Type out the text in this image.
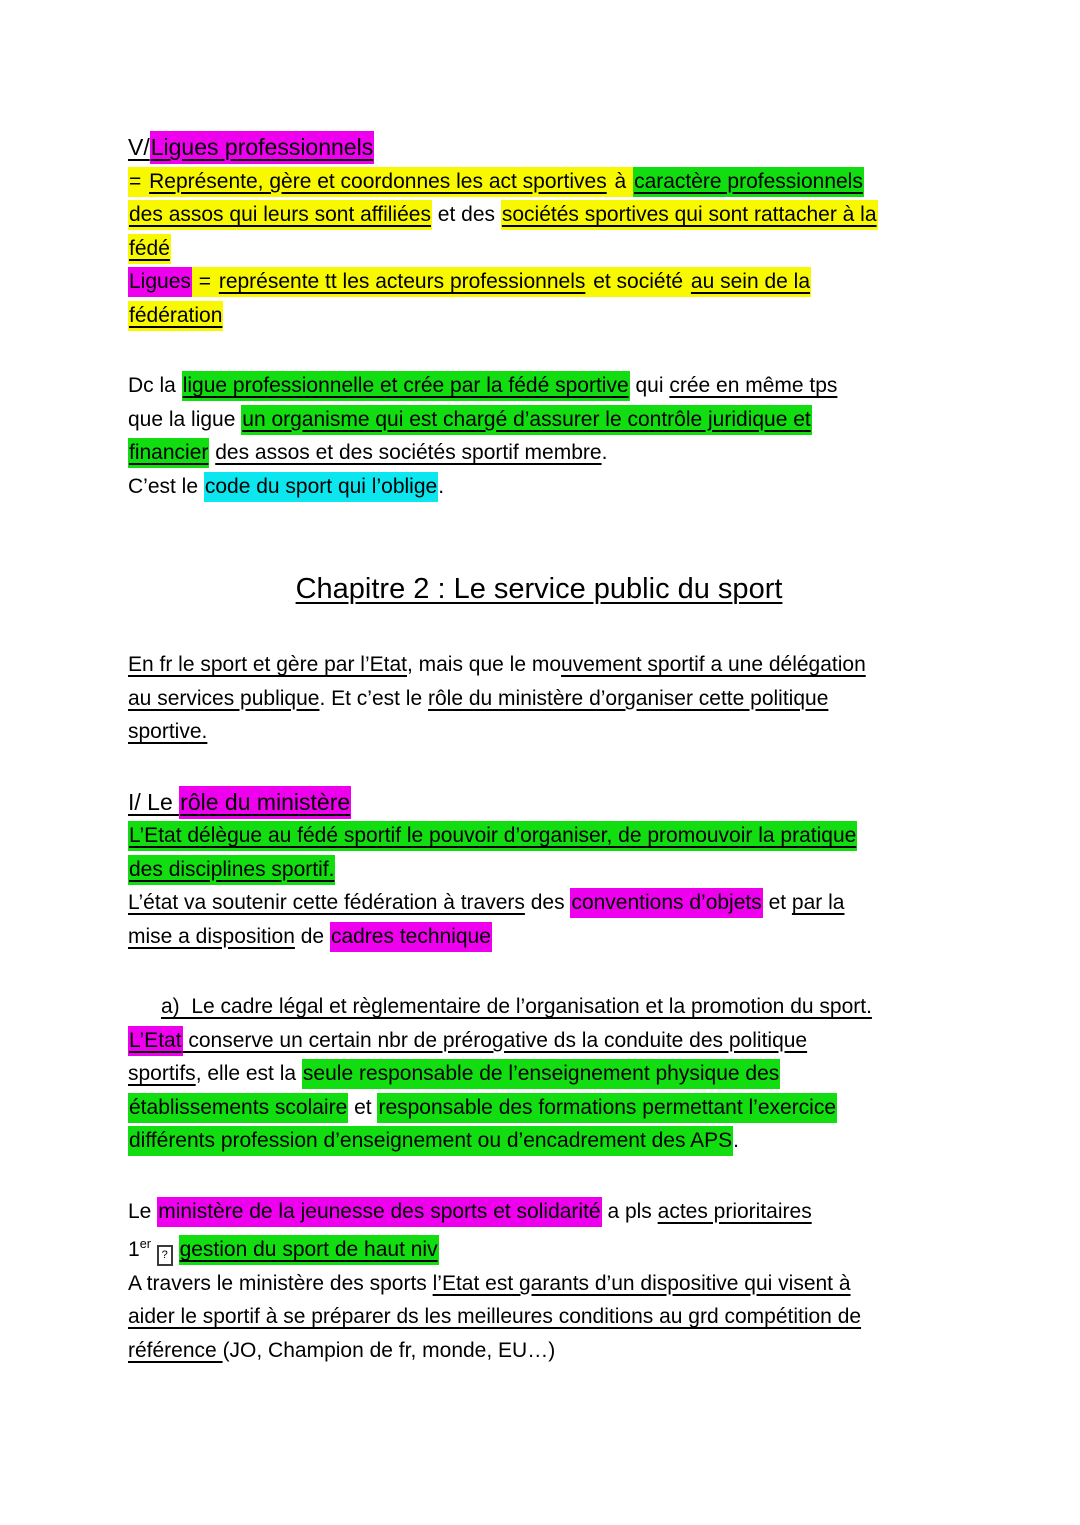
V/Ligues professionnels
= Représente, gère et coordonnes les act sportives à caractère professionnels
des assos qui leurs sont affiliées et des sociétés sportives qui sont rattacher à la
fédé
Ligues = représente tt les acteurs professionnels et société au sein de la
fédération
Dc la ligue professionnelle et crée par la fédé sportive qui crée en même tps
que la ligue un organisme qui est chargé d’assurer le contrôle juridique et
financier des assos et des sociétés sportif membre.
C’est le code du sport qui l’oblige.
Chapitre 2 : Le service public du sport
En fr le sport et gère par l’Etat, mais que le mouvement sportif a une délégation
au services publique. Et c’est le rôle du ministère d’organiser cette politique
sportive.
I/ Le rôle du ministère
L’Etat délègue au fédé sportif le pouvoir d’organiser, de promouvoir la pratique
des disciplines sportif.
L’état va soutenir cette fédération à travers des conventions d’objets et par la
mise a disposition de cadres technique
a)  Le cadre légal et règlementaire de l’organisation et la promotion du sport.
L’Etat conserve un certain nbr de prérogative ds la conduite des politique
sportifs, elle est la seule responsable de l’enseignement physique des
établissements scolaire et responsable des formations permettant l’exercice
différents profession d’enseignement ou d’encadrement des APS.
Le ministère de la jeunesse des sports et solidarité a pls actes prioritaires
1er ? gestion du sport de haut niv
A travers le ministère des sports l’Etat est garants d’un dispositive qui visent à
aider le sportif à se préparer ds les meilleures conditions au grd compétition de
référence (JO, Champion de fr, monde, EU…)
